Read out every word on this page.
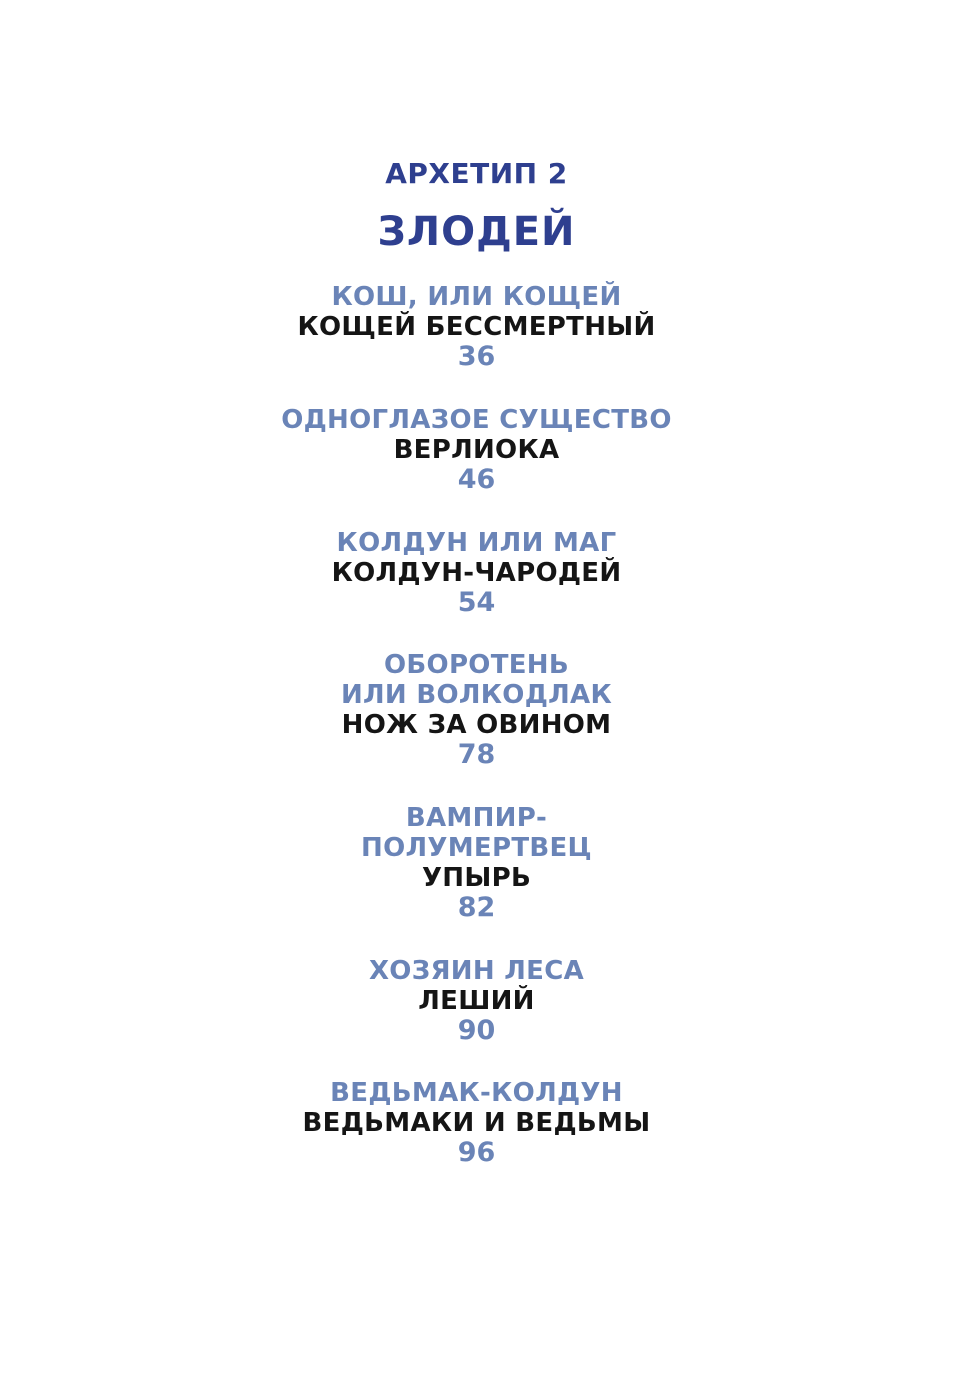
АРХЕТИП 2
ЗЛОДЕЙ
КОШ, ИЛИ КОЩЕЙ
КОЩЕЙ БЕССМЕРТНЫЙ
36
ОДНОГЛАЗОЕ СУЩЕСТВО
ВЕРЛИОКА
46
КОЛДУН ИЛИ МАГ
КОЛДУН-ЧАРОДЕЙ
54
ОБОРОТЕНЬ
ИЛИ ВОЛКОДЛАК
НОЖ ЗА ОВИНОМ
78
ВАМПИР-
ПОЛУМЕРТВЕЦ
УПЫРЬ
82
ХОЗЯИН ЛЕСА
ЛЕШИЙ
90
ВЕДЬМАК-КОЛДУН
ВЕДЬМАКИ И ВЕДЬМЫ
96
